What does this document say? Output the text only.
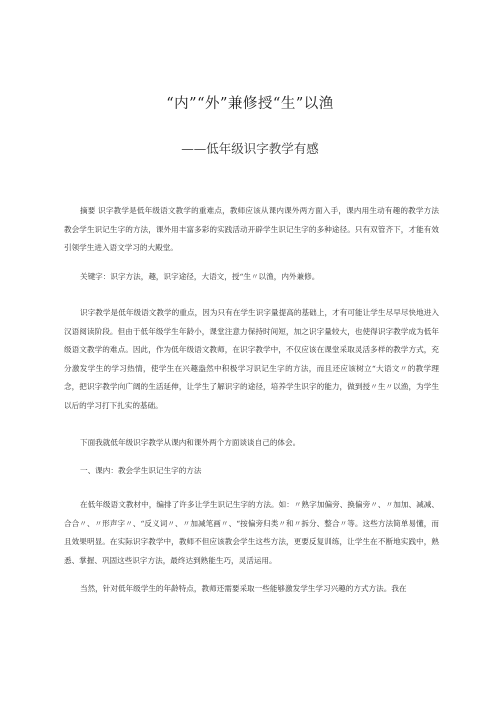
“内”“外”兼修授“生”以渔
——低年级识字教学有感

摘要 识字教学是低年级语文教学的重难点，教师应该从课内课外两方面入手，课内用生动有趣的教学方法教会学生识记生字的方法，课外用丰富多彩的实践活动开辟学生识记生字的多种途径。只有双管齐下，才能有效引领学生进入语文学习的大殿堂。

关键字：识字方法，趣，识字途径，大语文，授“生〃以渔，内外兼修。

识字教学是低年级语文教学的重点，因为只有在学生识字量提高的基础上，才有可能让学生尽早尽快地进入汉语阅读阶段。但由于低年级学生年龄小，课堂注意力保持时间短，加之识字量较大，也使得识字教学成为低年级语文教学的难点。因此，作为低年级语文教师，在识字教学中，不仅应该在课堂采取灵活多样的教学方式，充分激发学生的学习热情，使学生在兴趣盎然中积极学习识记生字的方法，而且还应该树立“大语文〃的教学理念，把识字教学向广阔的生活延伸，让学生了解识字的途径，培养学生识字的能力，做到授〃生〃以渔，为学生以后的学习打下扎实的基础。

下面我就低年级识字教学从课内和课外两个方面谈谈自己的体会。

一、课内：教会学生识记生字的方法

在低年级语文教材中，编排了许多让学生识记生字的方法。如：〃熟字加偏旁、换偏旁〃、〃加加、减减、合合〃、〃形声字〃、“反义词〃、〃加减笔画〃、“按偏旁归类〃和〃拆分、整合〃等。这些方法简单易懂，而且效果明显。在实际识字教学中，教师不但应该教会学生这些方法，更要反复训练，让学生在不断地实践中，熟悉、掌握、巩固这些识字方法，最终达到熟能生巧，灵活运用。

当然，针对低年级学生的年龄特点，教师还需要采取一些能够激发学生学习兴趣的方式方法。我在
